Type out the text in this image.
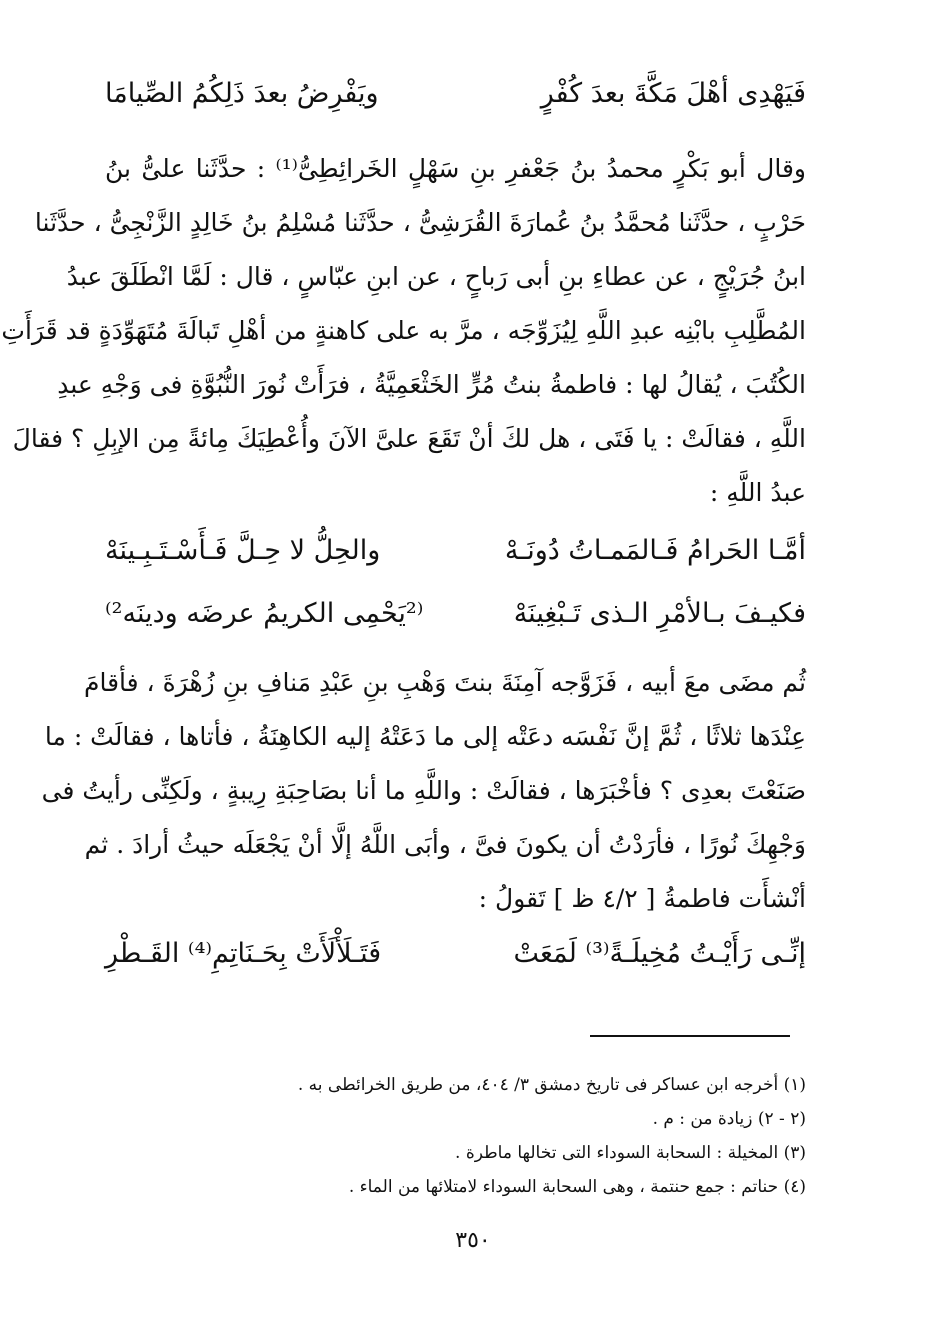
فَيَهْدِى أهْلَ مَكَّةَ بعدَ كُفْرٍ
ويَفْرِضُ بعدَ ذَلِكُمُ الصِّيامَا
وقال أبو بَكْرٍ محمدُ بنُ جَعْفرِ بنِ سَهْلٍ الخَرائِطِىُّ⁽¹⁾ : حدَّثَنا علىُّ بنُ
حَرْبٍ ، حدَّثَنا مُحمَّدُ بنُ عُمارَةَ القُرَشِىُّ ، حدَّثَنا مُسْلِمُ بنُ خَالِدٍ الزَّنْجِىُّ ، حدَّثَنا
ابنُ جُرَيْجٍ ، عن عطاءِ بنِ أبى رَباحٍ ، عن ابنِ عبّاسٍ ، قال : لَمَّا انْطَلَقَ عبدُ
المُطَّلِبِ بابْنِه عبدِ اللَّهِ لِيُزَوِّجَه ، مرَّ به على كاهنةٍ من أهْلِ تَبالَةَ مُتَهَوِّدَةٍ قد قَرَأَتِ
الكُتُبَ ، يُقالُ لها : فاطمةُ بنتُ مُرٍّ الخَثْعَمِيَّةُ ، فرَأَتْ نُورَ النُّبُوَّةِ فى وَجْهِ عبدِ
اللَّهِ ، فقالَتْ : يا فَتَى ، هل لكَ أنْ تَقَعَ علىَّ الآنَ وأُعْطِيَكَ مِائةً مِن الإبِلِ ؟ فقالَ
عبدُ اللَّهِ :
أمَّـا الحَرامُ فَـالمَمـاتُ دُونَـهْ
والحِلُّ لا حِـلَّ فَـأَسْـتَـبِـينَهْ
فكيـفَ بـالأمْرِ الـذى تَـبْغِينَهْ
⁽²يَحْمِى الكريمُ عرضَه ودينَه²⁾
ثُم مضَى معَ أبيه ، فَزَوَّجه آمِنَةَ بنتَ وَهْبِ بنِ عَبْدِ مَنافِ بنِ زُهْرَةَ ، فأقامَ
عِنْدَها ثلاثًا ، ثُمَّ إنَّ نَفْسَه دعَتْه إلى ما دَعَتْهُ إليه الكاهِنَةُ ، فأتاها ، فقالَتْ : ما
صَنَعْتَ بعدِى ؟ فأخْبَرَها ، فقالَتْ : واللَّهِ ما أنا بصَاحِبَةِ رِيبةٍ ، ولَكِنِّى رأيتُ فى
وَجْهِكَ نُورًا ، فأرَدْتُ أن يكونَ فىَّ ، وأبَى اللَّهُ إلَّا أنْ يَجْعَلَه حيثُ أرادَ . ثم
أنْشأَت فاطمةُ [ ٤/٢ ظ ] تَقولُ :
إنِّـى رَأَيْـتُ مُخِيلَـةً⁽³⁾ لَمَعَتْ
فَتَـلَأْلَأَتْ بِحَـنَاتِمِ⁽⁴⁾ القَـطْرِ
(١) أخرجه ابن عساكر فى تاريخ دمشق ٣/ ٤٠٤، من طريق الخرائطى به .
(٢ - ٢) زيادة من : م .
(٣) المخيلة : السحابة السوداء التى تخالها ماطرة .
(٤) حناتم : جمع حنتمة ، وهى السحابة السوداء لامتلائها من الماء .
٣٥٠
